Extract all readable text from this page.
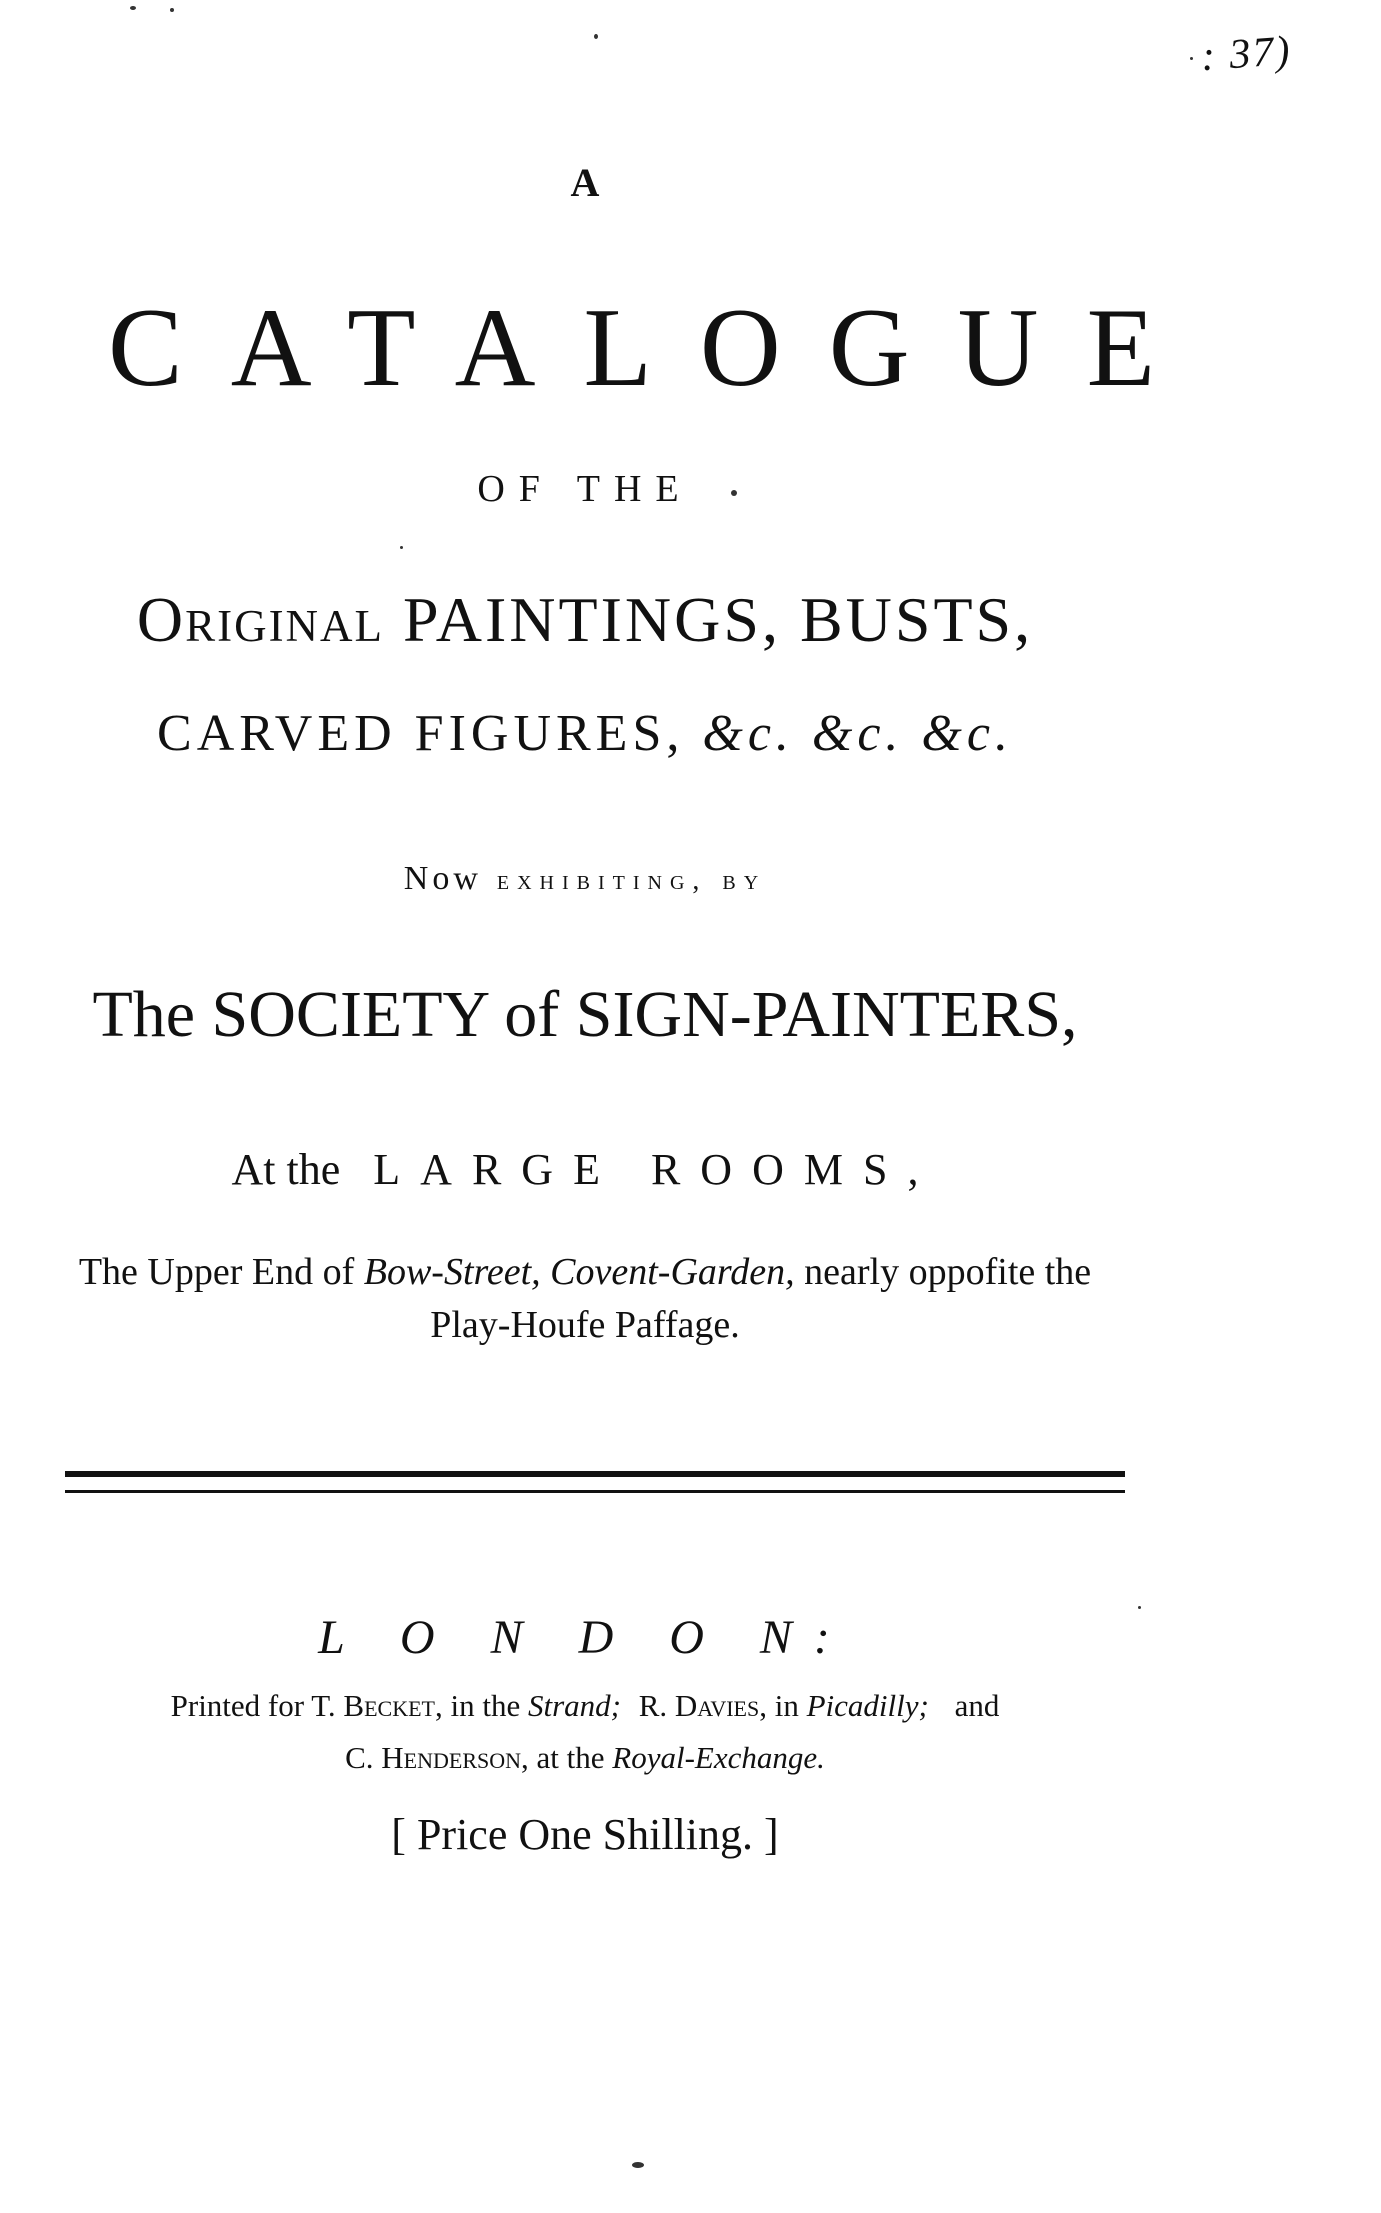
: 37)
A
CATALOGUE
OF THE
Original PAINTINGS, BUSTS,
CARVED FIGURES, &c. &c. &c.
Now exhibiting, by
The SOCIETY of SIGN-PAINTERS,
At the LARGE ROOMS,
The Upper End of Bow-Street, Covent-Garden, nearly oppofite the
Play-Houfe Paffage.
L O N D O N:
Printed for T. Becket, in the Strand; R. Davies, in Picadilly; and
C. Henderson, at the Royal-Exchange.
[ Price One Shilling. ]
